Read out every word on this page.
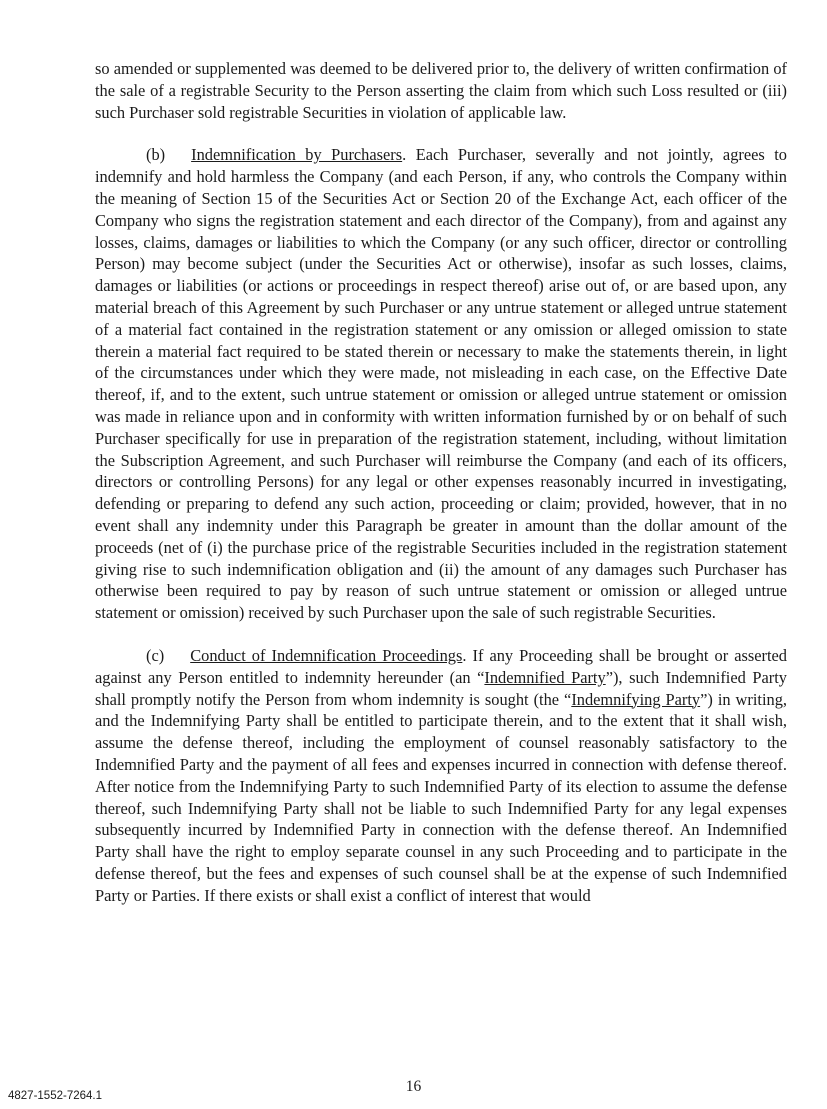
so amended or supplemented was deemed to be delivered prior to, the delivery of written confirmation of the sale of a registrable Security to the Person asserting the claim from which such Loss resulted or (iii) such Purchaser sold registrable Securities in violation of applicable law.

(b) Indemnification by Purchasers. Each Purchaser, severally and not jointly, agrees to indemnify and hold harmless the Company (and each Person, if any, who controls the Company within the meaning of Section 15 of the Securities Act or Section 20 of the Exchange Act, each officer of the Company who signs the registration statement and each director of the Company), from and against any losses, claims, damages or liabilities to which the Company (or any such officer, director or controlling Person) may become subject (under the Securities Act or otherwise), insofar as such losses, claims, damages or liabilities (or actions or proceedings in respect thereof) arise out of, or are based upon, any material breach of this Agreement by such Purchaser or any untrue statement or alleged untrue statement of a material fact contained in the registration statement or any omission or alleged omission to state therein a material fact required to be stated therein or necessary to make the statements therein, in light of the circumstances under which they were made, not misleading in each case, on the Effective Date thereof, if, and to the extent, such untrue statement or omission or alleged untrue statement or omission was made in reliance upon and in conformity with written information furnished by or on behalf of such Purchaser specifically for use in preparation of the registration statement, including, without limitation the Subscription Agreement, and such Purchaser will reimburse the Company (and each of its officers, directors or controlling Persons) for any legal or other expenses reasonably incurred in investigating, defending or preparing to defend any such action, proceeding or claim; provided, however, that in no event shall any indemnity under this Paragraph be greater in amount than the dollar amount of the proceeds (net of (i) the purchase price of the registrable Securities included in the registration statement giving rise to such indemnification obligation and (ii) the amount of any damages such Purchaser has otherwise been required to pay by reason of such untrue statement or omission or alleged untrue statement or omission) received by such Purchaser upon the sale of such registrable Securities.

(c) Conduct of Indemnification Proceedings. If any Proceeding shall be brought or asserted against any Person entitled to indemnity hereunder (an “Indemnified Party”), such Indemnified Party shall promptly notify the Person from whom indemnity is sought (the “Indemnifying Party”) in writing, and the Indemnifying Party shall be entitled to participate therein, and to the extent that it shall wish, assume the defense thereof, including the employment of counsel reasonably satisfactory to the Indemnified Party and the payment of all fees and expenses incurred in connection with defense thereof. After notice from the Indemnifying Party to such Indemnified Party of its election to assume the defense thereof, such Indemnifying Party shall not be liable to such Indemnified Party for any legal expenses subsequently incurred by Indemnified Party in connection with the defense thereof. An Indemnified Party shall have the right to employ separate counsel in any such Proceeding and to participate in the defense thereof, but the fees and expenses of such counsel shall be at the expense of such Indemnified Party or Parties. If there exists or shall exist a conflict of interest that would

16
4827-1552-7264.1
